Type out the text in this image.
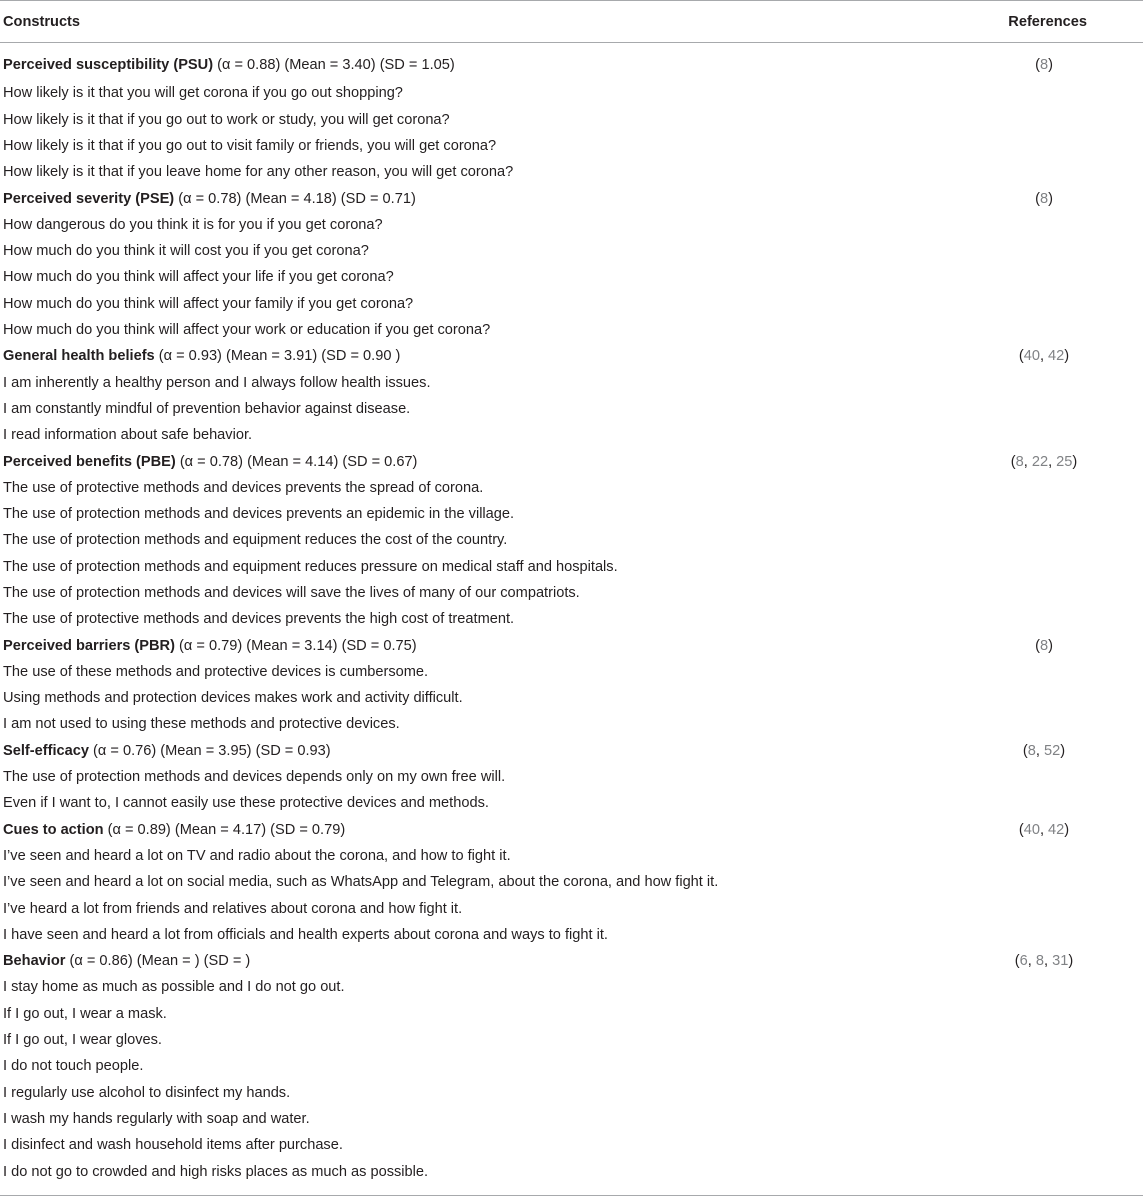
Constructs	References
Perceived susceptibility (PSU) (α = 0.88) (Mean = 3.40) (SD = 1.05)	(8)
How likely is it that you will get corona if you go out shopping?	
How likely is it that if you go out to work or study, you will get corona?	
How likely is it that if you go out to visit family or friends, you will get corona?	
How likely is it that if you leave home for any other reason, you will get corona?	
Perceived severity (PSE) (α = 0.78) (Mean = 4.18) (SD = 0.71)	(8)
How dangerous do you think it is for you if you get corona?	
How much do you think it will cost you if you get corona?	
How much do you think will affect your life if you get corona?	
How much do you think will affect your family if you get corona?	
How much do you think will affect your work or education if you get corona?	
General health beliefs (α = 0.93) (Mean = 3.91) (SD = 0.90 )	(40, 42)
I am inherently a healthy person and I always follow health issues.	
I am constantly mindful of prevention behavior against disease.	
I read information about safe behavior.	
Perceived benefits (PBE) (α = 0.78) (Mean = 4.14) (SD = 0.67)	(8, 22, 25)
The use of protective methods and devices prevents the spread of corona.	
The use of protection methods and devices prevents an epidemic in the village.	
The use of protection methods and equipment reduces the cost of the country.	
The use of protection methods and equipment reduces pressure on medical staff and hospitals.	
The use of protection methods and devices will save the lives of many of our compatriots.	
The use of protective methods and devices prevents the high cost of treatment.	
Perceived barriers (PBR) (α = 0.79) (Mean = 3.14) (SD = 0.75)	(8)
The use of these methods and protective devices is cumbersome.	
Using methods and protection devices makes work and activity difficult.	
I am not used to using these methods and protective devices.	
Self-efficacy (α = 0.76) (Mean = 3.95) (SD = 0.93)	(8, 52)
The use of protection methods and devices depends only on my own free will.	
Even if I want to, I cannot easily use these protective devices and methods.	
Cues to action (α = 0.89) (Mean = 4.17) (SD = 0.79)	(40, 42)
I’ve seen and heard a lot on TV and radio about the corona, and how to fight it.	
I’ve seen and heard a lot on social media, such as WhatsApp and Telegram, about the corona, and how fight it.	
I’ve heard a lot from friends and relatives about corona and how fight it.	
I have seen and heard a lot from officials and health experts about corona and ways to fight it.	
Behavior (α = 0.86) (Mean = ) (SD = )	(6, 8, 31)
I stay home as much as possible and I do not go out.	
If I go out, I wear a mask.	
If I go out, I wear gloves.	
I do not touch people.	
I regularly use alcohol to disinfect my hands.	
I wash my hands regularly with soap and water.	
I disinfect and wash household items after purchase.	
I do not go to crowded and high risks places as much as possible.	
